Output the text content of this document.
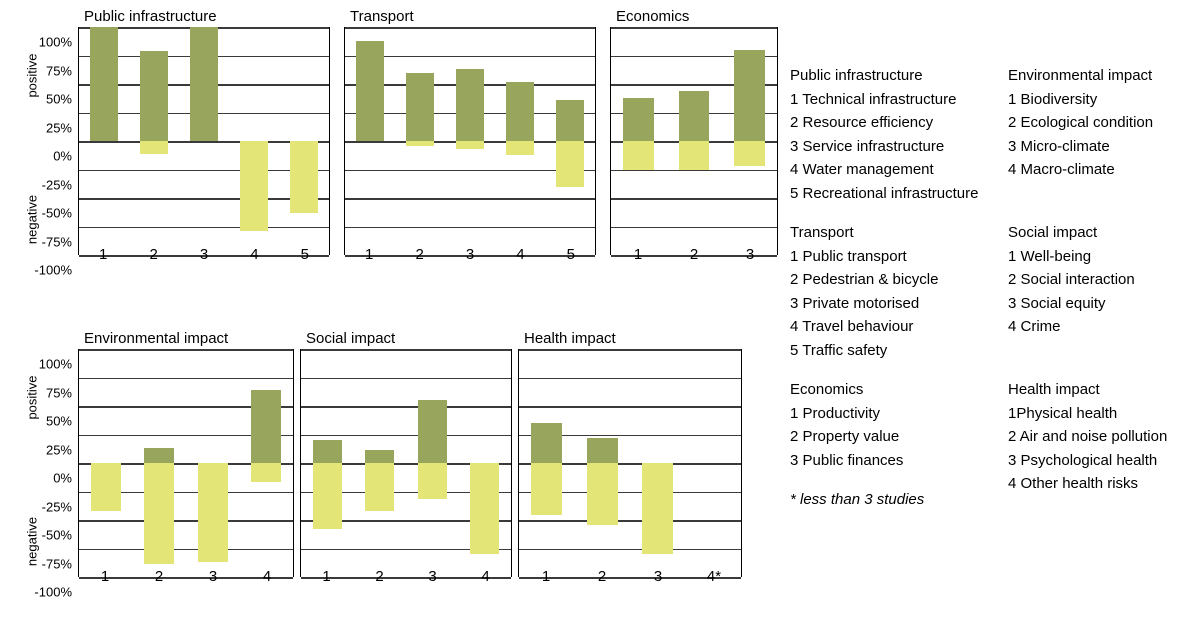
positive
negative
100%
75%
50%
25%
0%
-25%
-50%
-75%
-100%
Public infrastructure
1	2	3	4	5
Transport
1	2	3	4	5
Economics
1	2	3
positive
negative
100%
75%
50%
25%
0%
-25%
-50%
-75%
-100%
Environmental impact
1	2	3	4
Social impact
1	2	3	4
Health impact
1	2	3	4*
Public infrastructure
1 Technical infrastructure
2 Resource efficiency
3 Service infrastructure
4 Water management
5 Recreational infrastructure
Transport
1 Public transport
2 Pedestrian & bicycle
3 Private motorised
4 Travel behaviour
5 Traffic safety
Economics
1 Productivity
2 Property value
3 Public finances
* less than 3 studies
Environmental impact
1 Biodiversity
2 Ecological condition
3 Micro-climate
4 Macro-climate
Social impact
1 Well-being
2 Social interaction
3 Social equity
4 Crime
Health impact
1Physical health
2 Air and noise pollution
3 Psychological health
4 Other health risks
